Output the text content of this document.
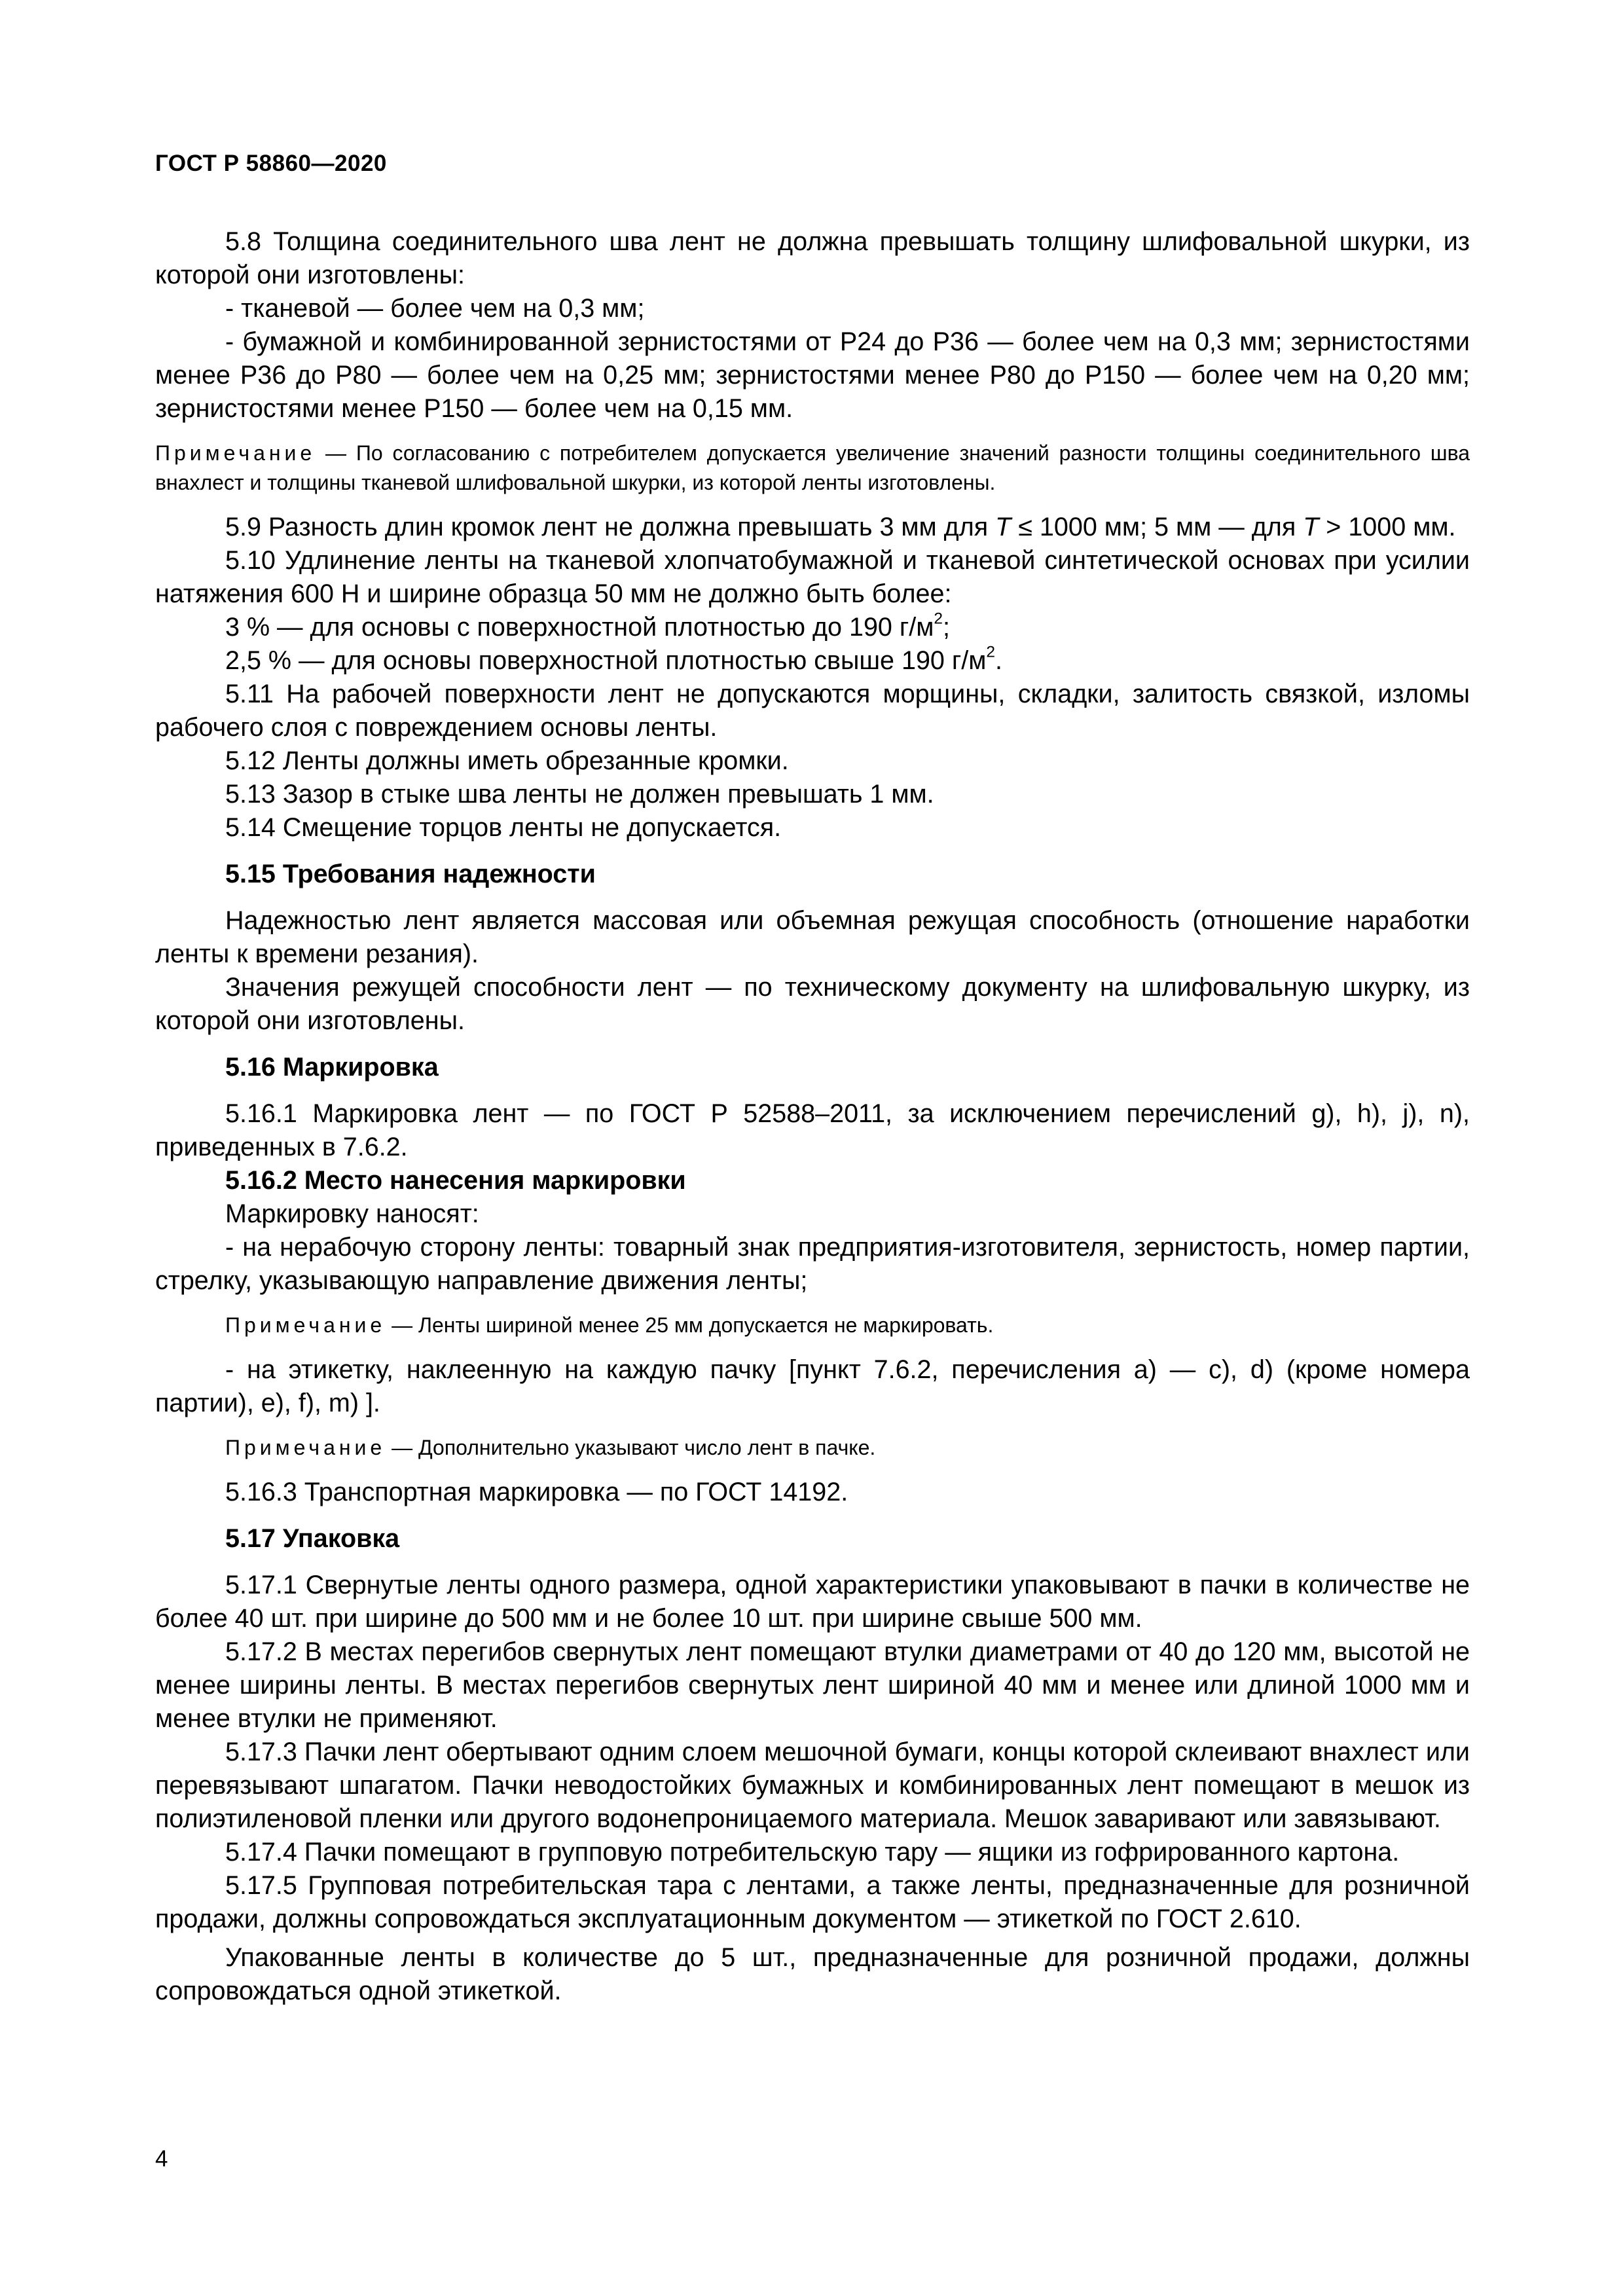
ГОСТ Р 58860—2020

5.8 Толщина соединительного шва лент не должна превышать толщину шлифовальной шкурки, из которой они изготовлены:

- тканевой — более чем на 0,3 мм;

- бумажной и комбинированной зернистостями от Р24 до Р36 — более чем на 0,3 мм; зернистостями менее Р36 до Р80 — более чем на 0,25 мм; зернистостями менее Р80 до Р150 — более чем на 0,20 мм; зернистостями менее Р150 — более чем на 0,15 мм.

Примечание — По согласованию с потребителем допускается увеличение значений разности толщины соединительного шва внахлест и толщины тканевой шлифовальной шкурки, из которой ленты изготовлены.

5.9 Разность длин кромок лент не должна превышать 3 мм для T ≤ 1000 мм; 5 мм — для T > 1000 мм.

5.10 Удлинение ленты на тканевой хлопчатобумажной и тканевой синтетической основах при усилии натяжения 600 Н и ширине образца 50 мм не должно быть более:

3 % — для основы с поверхностной плотностью до 190 $г/м^2$;

2,5 % — для основы поверхностной плотностью свыше 190 $г/м^2$.

5.11 На рабочей поверхности лент не допускаются морщины, складки, залитость связкой, изломы рабочего слоя с повреждением основы ленты.

5.12 Ленты должны иметь обрезанные кромки.

5.13 Зазор в стыке шва ленты не должен превышать 1 мм.

5.14 Смещение торцов ленты не допускается.

5.15 Требования надежности

Надежностью лент является массовая или объемная режущая способность (отношение наработки ленты к времени резания).

Значения режущей способности лент — по техническому документу на шлифовальную шкурку, из которой они изготовлены.

5.16 Маркировка

5.16.1 Маркировка лент — по ГОСТ Р 52588–2011, за исключением перечислений g), h), j), n), приведенных в 7.6.2.

5.16.2 Место нанесения маркировки

Маркировку наносят:

- на нерабочую сторону ленты: товарный знак предприятия-изготовителя, зернистость, номер партии, стрелку, указывающую направление движения ленты;

Примечание — Ленты шириной менее 25 мм допускается не маркировать.

- на этикетку, наклеенную на каждую пачку [пункт 7.6.2, перечисления а) — с), d) (кроме номера партии), е), f), m) ].

Примечание — Дополнительно указывают число лент в пачке.

5.16.3 Транспортная маркировка — по ГОСТ 14192.

5.17 Упаковка

5.17.1 Свернутые ленты одного размера, одной характеристики упаковывают в пачки в количестве не более 40 шт. при ширине до 500 мм и не более 10 шт. при ширине свыше 500 мм.

5.17.2 В местах перегибов свернутых лент помещают втулки диаметрами от 40 до 120 мм, высотой не менее ширины ленты. В местах перегибов свернутых лент шириной 40 мм и менее или длиной 1000 мм и менее втулки не применяют.

5.17.3 Пачки лент обертывают одним слоем мешочной бумаги, концы которой склеивают внахлест или перевязывают шпагатом. Пачки неводостойких бумажных и комбинированных лент помещают в мешок из полиэтиленовой пленки или другого водонепроницаемого материала. Мешок заваривают или завязывают.

5.17.4 Пачки помещают в групповую потребительскую тару — ящики из гофрированного картона.

5.17.5 Групповая потребительская тара с лентами, а также ленты, предназначенные для розничной продажи, должны сопровождаться эксплуатационным документом — этикеткой по ГОСТ 2.610.

Упакованные ленты в количестве до 5 шт., предназначенные для розничной продажи, должны сопровождаться одной этикеткой.

4
